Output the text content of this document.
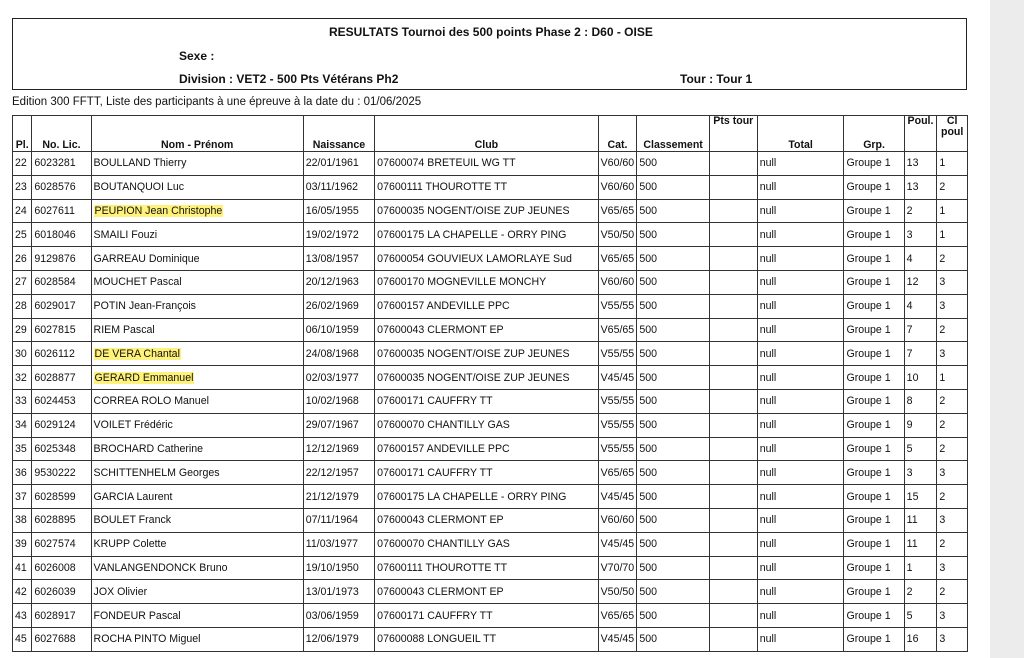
RESULTATS Tournoi des 500 points Phase 2 : D60 - OISE
Sexe :
Division : VET2 - 500 Pts Vétérans Ph2	Tour : Tour 1
Edition 300 FFTT, Liste des participants à une épreuve à la date du : 01/06/2025
Pl.	No. Lic.	Nom - Prénom	Naissance	Club	Cat.	Classement	Pts tour	Total	Grp.	Poul.	Cl poul
22	6023281	BOULLAND Thierry	22/01/1961	07600074 BRETEUIL WG TT	V60/60	500		null	Groupe 1	13	1
23	6028576	BOUTANQUOI Luc	03/11/1962	07600111 THOUROTTE TT	V60/60	500		null	Groupe 1	13	2
24	6027611	PEUPION Jean Christophe	16/05/1955	07600035 NOGENT/OISE ZUP JEUNES	V65/65	500		null	Groupe 1	2	1
25	6018046	SMAILI Fouzi	19/02/1972	07600175 LA CHAPELLE - ORRY PING	V50/50	500		null	Groupe 1	3	1
26	9129876	GARREAU Dominique	13/08/1957	07600054 GOUVIEUX LAMORLAYE Sud	V65/65	500		null	Groupe 1	4	2
27	6028584	MOUCHET Pascal	20/12/1963	07600170 MOGNEVILLE MONCHY	V60/60	500		null	Groupe 1	12	3
28	6029017	POTIN Jean-François	26/02/1969	07600157 ANDEVILLE PPC	V55/55	500		null	Groupe 1	4	3
29	6027815	RIEM Pascal	06/10/1959	07600043 CLERMONT EP	V65/65	500		null	Groupe 1	7	2
30	6026112	DE VERA Chantal	24/08/1968	07600035 NOGENT/OISE ZUP JEUNES	V55/55	500		null	Groupe 1	7	3
32	6028877	GERARD Emmanuel	02/03/1977	07600035 NOGENT/OISE ZUP JEUNES	V45/45	500		null	Groupe 1	10	1
33	6024453	CORREA ROLO Manuel	10/02/1968	07600171 CAUFFRY TT	V55/55	500		null	Groupe 1	8	2
34	6029124	VOILET Frédéric	29/07/1967	07600070 CHANTILLY GAS	V55/55	500		null	Groupe 1	9	2
35	6025348	BROCHARD Catherine	12/12/1969	07600157 ANDEVILLE PPC	V55/55	500		null	Groupe 1	5	2
36	9530222	SCHITTENHELM Georges	22/12/1957	07600171 CAUFFRY TT	V65/65	500		null	Groupe 1	3	3
37	6028599	GARCIA Laurent	21/12/1979	07600175 LA CHAPELLE - ORRY PING	V45/45	500		null	Groupe 1	15	2
38	6028895	BOULET Franck	07/11/1964	07600043 CLERMONT EP	V60/60	500		null	Groupe 1	11	3
39	6027574	KRUPP Colette	11/03/1977	07600070 CHANTILLY GAS	V45/45	500		null	Groupe 1	11	2
41	6026008	VANLANGENDONCK Bruno	19/10/1950	07600111 THOUROTTE TT	V70/70	500		null	Groupe 1	1	3
42	6026039	JOX Olivier	13/01/1973	07600043 CLERMONT EP	V50/50	500		null	Groupe 1	2	2
43	6028917	FONDEUR Pascal	03/06/1959	07600171 CAUFFRY TT	V65/65	500		null	Groupe 1	5	3
45	6027688	ROCHA PINTO Miguel	12/06/1979	07600088 LONGUEIL TT	V45/45	500		null	Groupe 1	16	3
